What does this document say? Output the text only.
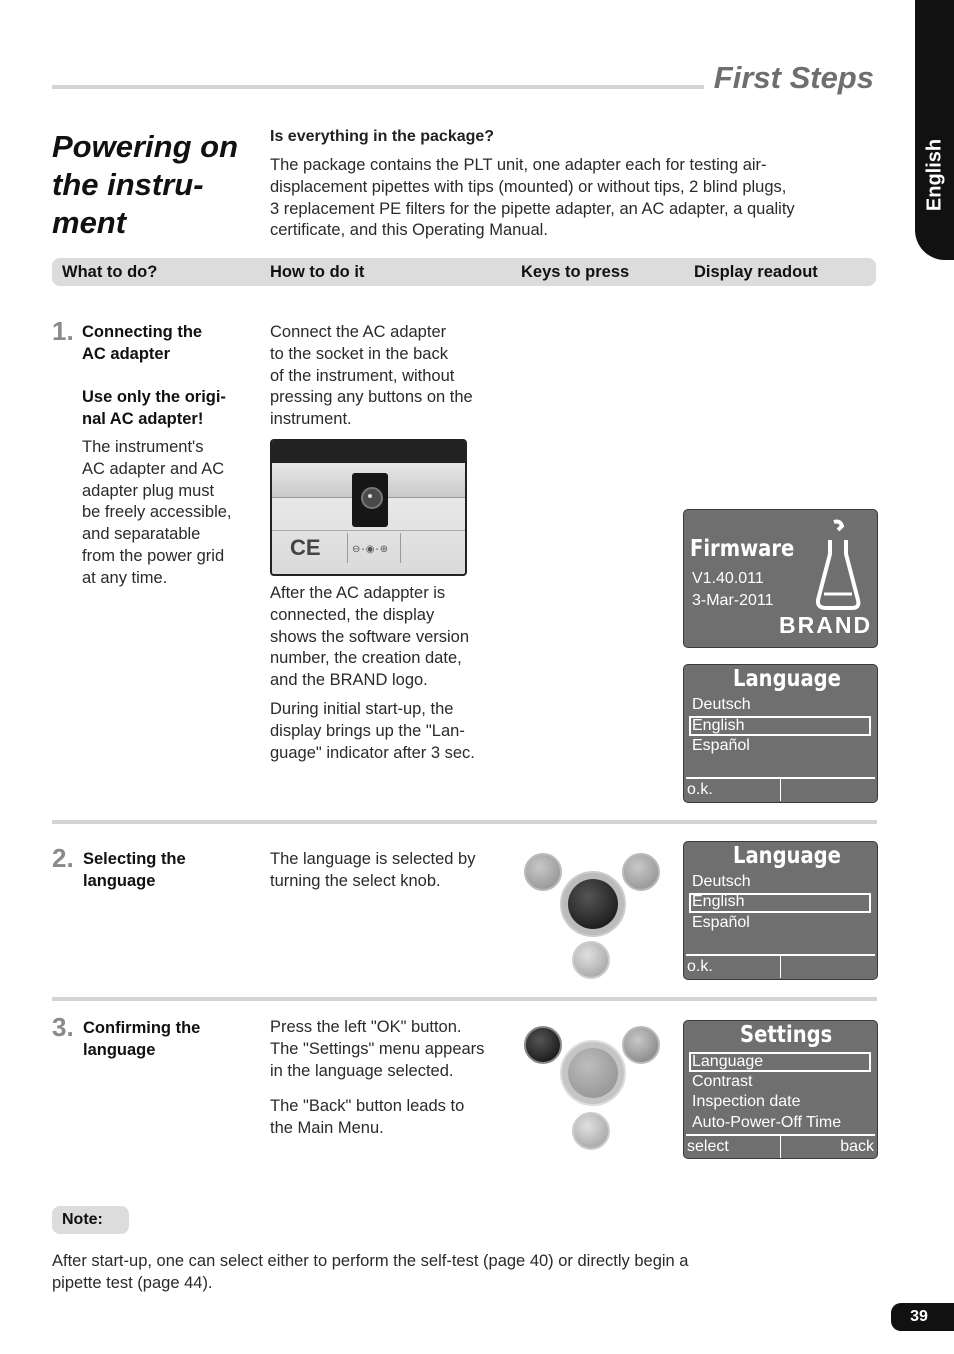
First Steps
English
Powering on
the instru-
ment
Is everything in the package?
The package contains the PLT unit, one adapter each for testing air-
displacement pipettes with tips (mounted) or without tips, 2 blind plugs,
3 replacement PE filters for the pipette adapter, an AC adapter, a quality
certificate, and this Operating Manual.
What to do?	How to do it	Keys to press	Display readout
1. Connecting the
AC adapter
Use only the origi-
nal AC adapter!
The instrument's
AC adapter and AC
adapter plug must
be freely accessible,
and separatable
from the power grid
at any time.
Connect the AC adapter
to the socket in the back
of the instrument, without
pressing any buttons on the
instrument.
CE	⊖-◉-⊕
After the AC adappter is
connected, the display
shows the software version
number, the creation date,
and the BRAND logo.
During initial start-up, the
display brings up the "Lan-
guage" indicator after 3 sec.
Firmware
V1.40.011
3-Mar-2011
BRAND
Language
Deutsch
English
Español
o.k.
2. Selecting the
language
The language is selected by
turning the select knob.
Language
Deutsch
English
Español
o.k.
3. Confirming the
language
Press the left "OK" button.
The "Settings" menu appears
in the language selected.
The "Back" button leads to
the Main Menu.
Settings
Language
Contrast
Inspection date
Auto-Power-Off Time
select	back
Note:
After start-up, one can select either to perform the self-test (page 40) or directly begin a
pipette test (page 44).
39
